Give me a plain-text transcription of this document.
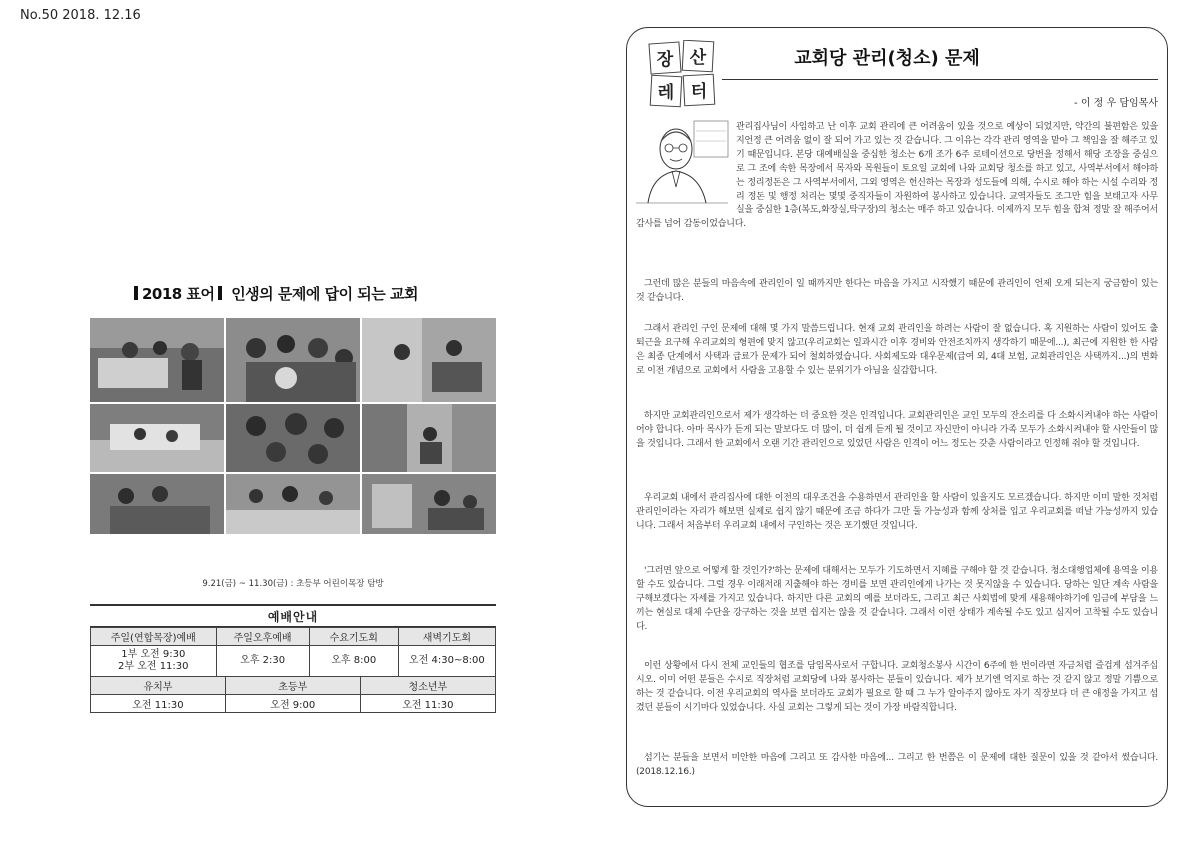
No.50 2018. 12.16
2018 표어 인생의 문제에 답이 되는 교회
9.21(금) ~ 11.30(금) : 초등부 어린이목장 탐방
예배안내
주일(연합목장)예배	주일오후예배	수요기도회	새벽기도회
1부 오전 9:30
2부 오전 11:30	오후 2:30	오후 8:00	오전 4:30~8:00
유치부	초등부	청소년부
오전 11:30	오전 9:00	오전 11:30
장 산
레 터
교회당 관리(청소) 문제
- 이 정 우 담임목사
관리집사님이 사임하고 난 이후 교회 관리에 큰 어려움이 있을 것으로 예상이 되었지만, 약간의 불편함은 있을지언정 큰 어려움 없이 잘 되어 가고 있는 것 같습니다. 그 이유는 각각 관리 영역을 맡아 그 책임을 잘 해주고 있기 때문입니다. 본당 대예배실을 중심한 청소는 6개 조가 6주 로테이션으로 당번을 정해서 해당 조장을 중심으로 그 조에 속한 목장에서 목자와 목원들이 토요일 교회에 나와 교회당 청소를 하고 있고, 사역부서에서 해야하는 정리정돈은 그 사역부서에서, 그외 영역은 헌신하는 목장과 성도들에 의해, 수시로 해야 하는 시설 수리와 정리 정돈 및 행정 처리는 몇몇 중직자들이 자원하여 봉사하고 있습니다. 교역자들도 조그만 힘을 보태고자 사무실을 중심한 1층(복도,화장실,탁구장)의 청소는 매주 하고 있습니다. 이제까지 모두 힘을 합쳐 정말 잘 해주어서 감사를 넘어 감동이었습니다.
그런데 많은 분들의 마음속에 관리인이 일 때까지만 한다는 마음을 가지고 시작했기 때문에 관리인이 언제 오게 되는지 궁금함이 있는 것 같습니다.
그래서 관리인 구인 문제에 대해 몇 가지 말씀드립니다. 현재 교회 관리인을 하려는 사람이 잘 없습니다. 혹 지원하는 사람이 있어도 출퇴근을 요구해 우리교회의 형편에 맞지 않고(우리교회는 일과시간 이후 경비와 안전조치까지 생각하기 때문에...), 최근에 지원한 한 사람은 최종 단계에서 사택과 급료가 문제가 되어 철회하였습니다. 사회제도와 대우문제(급여 외, 4대 보험, 교회관리인은 사택까지...)의 변화로 이전 개념으로 교회에서 사람을 고용할 수 있는 분위기가 아님을 실감합니다.
하지만 교회관리인으로서 제가 생각하는 더 중요한 것은 인격입니다. 교회관리인은 교인 모두의 잔소리를 다 소화시켜내야 하는 사람이어야 합니다. 아마 목사가 듣게 되는 말보다도 더 많이, 더 쉽게 듣게 될 것이고 자신만이 아니라 가족 모두가 소화시켜내야 할 사안들이 많을 것입니다. 그래서 한 교회에서 오랜 기간 관리인으로 있었던 사람은 인격이 어느 정도는 갖춘 사람이라고 인정해 줘야 할 것입니다.
우리교회 내에서 관리집사에 대한 이전의 대우조건을 수용하면서 관리인을 할 사람이 있을지도 모르겠습니다. 하지만 이미 말한 것처럼 관리인이라는 자리가 해보면 실제로 쉽지 않기 때문에 조금 하다가 그만 둘 가능성과 함께 상처를 입고 우리교회를 떠날 가능성까지 있습니다. 그래서 처음부터 우리교회 내에서 구인하는 것은 포기했던 것입니다.
'그러면 앞으로 어떻게 할 것인가?'하는 문제에 대해서는 모두가 기도하면서 지혜를 구해야 할 것 같습니다. 청소대행업체에 용역을 이용할 수도 있습니다. 그럴 경우 이래저래 지출해야 하는 경비를 보면 관리인에게 나가는 것 못지않을 수 있습니다. 당하는 일단 계속 사람을 구해보겠다는 자세를 가지고 있습니다. 하지만 다른 교회의 예를 보더라도, 그리고 최근 사회법에 맞게 새용해야하기에 임금에 부담을 느끼는 현실로 대체 수단을 강구하는 것을 보면 쉽지는 않을 것 같습니다. 그래서 이런 상태가 계속될 수도 있고 심지어 고착될 수도 있습니다.
이런 상황에서 다시 전체 교인들의 협조를 담임목사로서 구합니다. 교회청소봉사 시간이 6주에 한 번이라면 자금처럼 즐겁게 섬겨주십시오. 이미 어떤 분들은 수시로 직장처럼 교회당에 나와 봉사하는 분들이 있습니다. 제가 보기엔 억지로 하는 것 같지 않고 정말 기쁨으로 하는 것 같습니다. 이전 우리교회의 역사를 보더라도 교회가 필요로 할 때 그 누가 알아주지 않아도 자기 직장보다 더 큰 애정을 가지고 섬겼던 분들이 시기마다 있었습니다. 사실 교회는 그렇게 되는 것이 가장 바람직합니다.
섬기는 분들을 보면서 미안한 마음에 그리고 또 감사한 마음에... 그리고 한 번쯤은 이 문제에 대한 질문이 있을 것 같아서 썼습니다.(2018.12.16.)
